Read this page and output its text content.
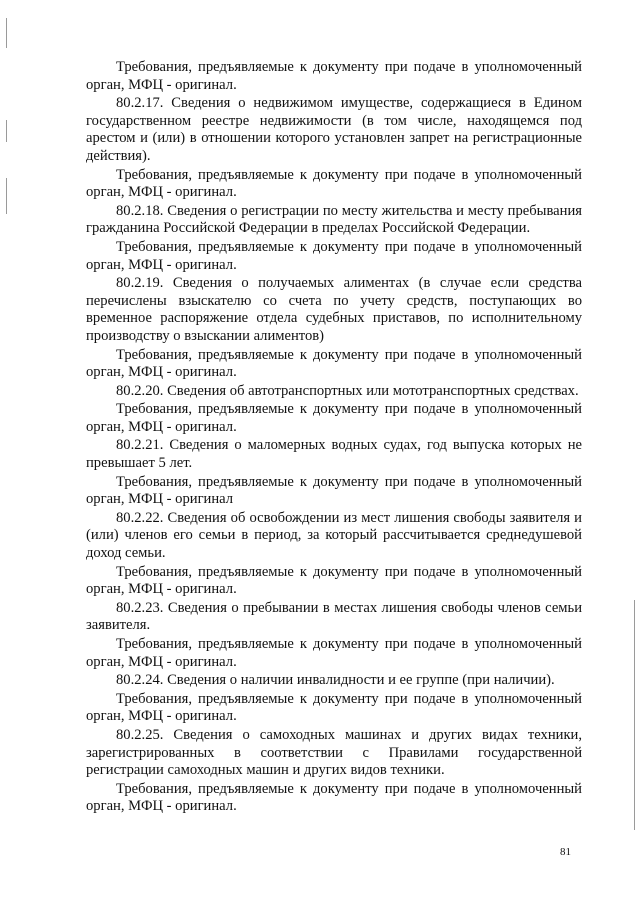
Требования, предъявляемые к документу при подаче в уполномоченный орган, МФЦ - оригинал.

80.2.17. Сведения о недвижимом имуществе, содержащиеся в Едином государственном реестре недвижимости (в том числе, находящемся под арестом и (или) в отношении которого установлен запрет на регистрационные действия).

Требования, предъявляемые к документу при подаче в уполномоченный орган, МФЦ - оригинал.

80.2.18. Сведения о регистрации по месту жительства и месту пребывания гражданина Российской Федерации в пределах Российской Федерации.

Требования, предъявляемые к документу при подаче в уполномоченный орган, МФЦ - оригинал.

80.2.19. Сведения о получаемых алиментах (в случае если средства перечислены взыскателю со счета по учету средств, поступающих во временное распоряжение отдела судебных приставов, по исполнительному производству о взыскании алиментов)

Требования, предъявляемые к документу при подаче в уполномоченный орган, МФЦ - оригинал.

80.2.20. Сведения об автотранспортных или мототранспортных средствах.

Требования, предъявляемые к документу при подаче в уполномоченный орган, МФЦ - оригинал.

80.2.21. Сведения о маломерных водных судах, год выпуска которых не превышает 5 лет.

Требования, предъявляемые к документу при подаче в уполномоченный орган, МФЦ - оригинал

80.2.22. Сведения об освобождении из мест лишения свободы заявителя и (или) членов его семьи в период, за который рассчитывается среднедушевой доход семьи.

Требования, предъявляемые к документу при подаче в уполномоченный орган, МФЦ - оригинал.

80.2.23. Сведения о пребывании в местах лишения свободы членов семьи заявителя.

Требования, предъявляемые к документу при подаче в уполномоченный орган, МФЦ - оригинал.

80.2.24. Сведения о наличии инвалидности и ее группе (при наличии).

Требования, предъявляемые к документу при подаче в уполномоченный орган, МФЦ - оригинал.

80.2.25. Сведения о самоходных машинах и других видах техники, зарегистрированных в соответствии с Правилами государственной регистрации самоходных машин и других видов техники.

Требования, предъявляемые к документу при подаче в уполномоченный орган, МФЦ - оригинал.

81
